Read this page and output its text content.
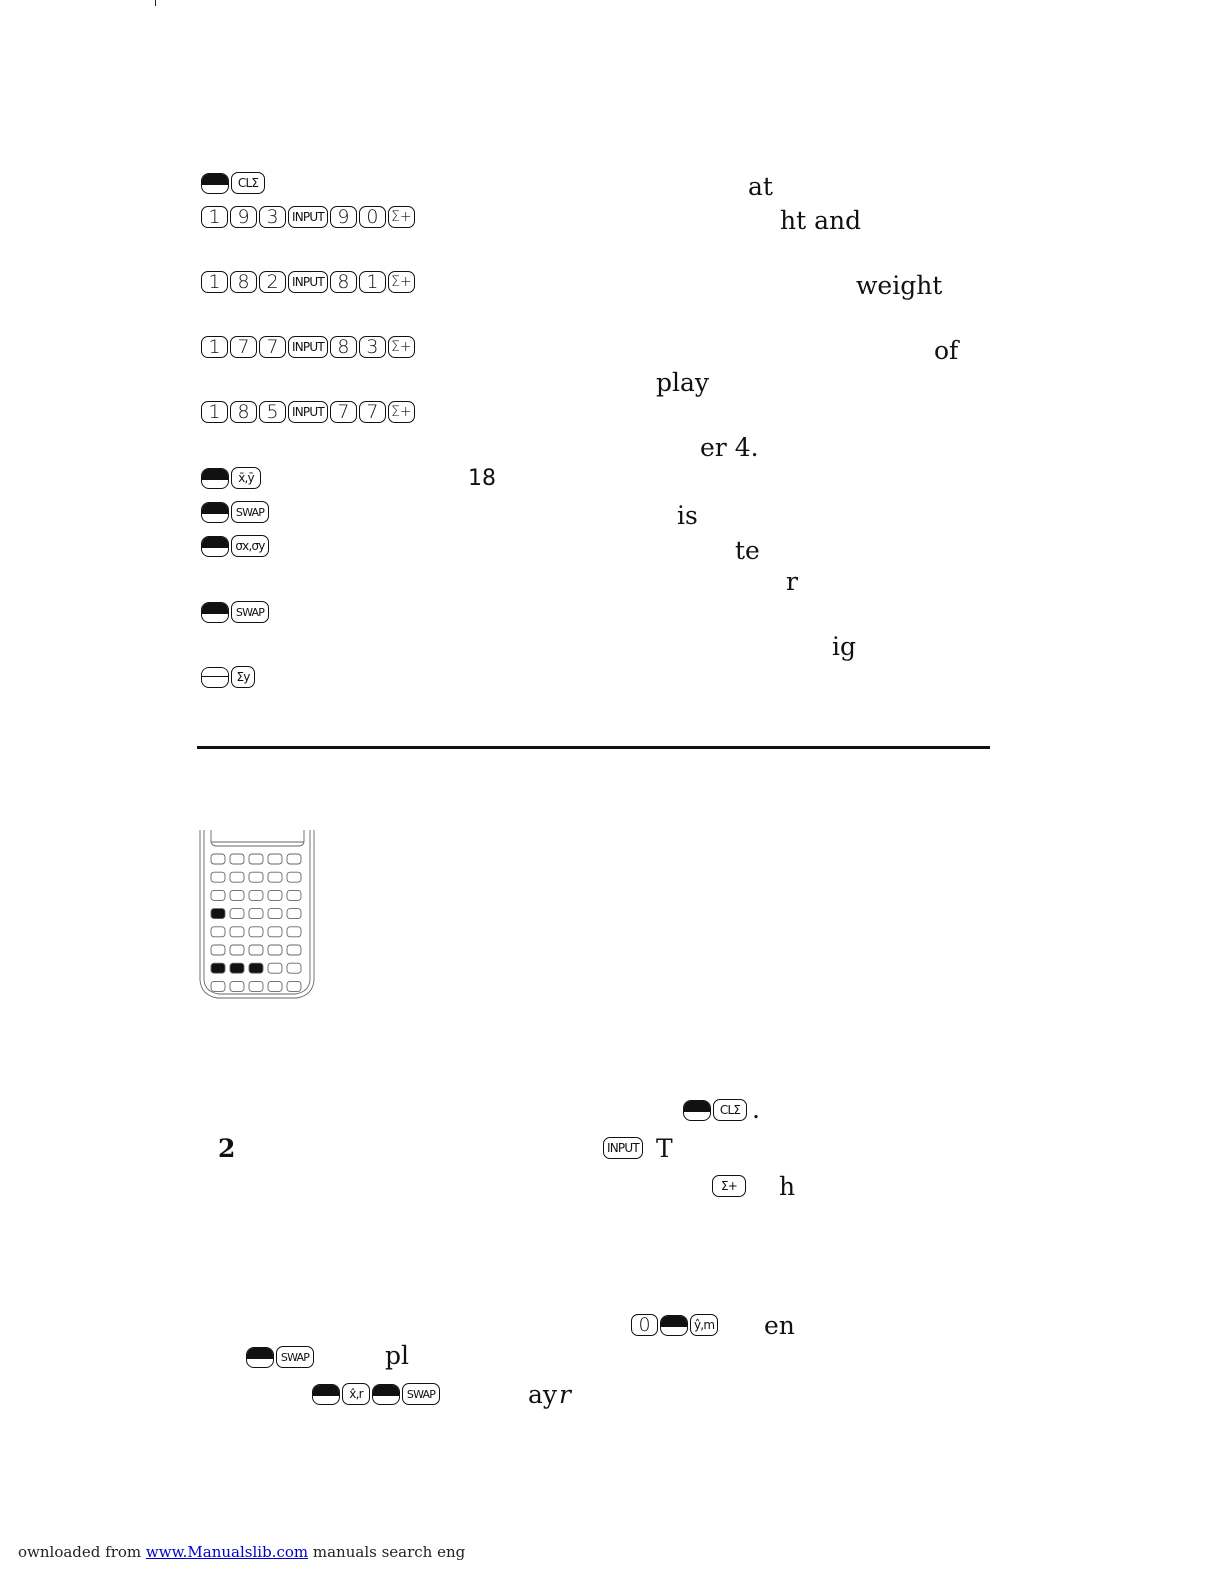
CLΣ	at
1 9 3	INPUT 9 0 Σ+	ht and
1 8 2	INPUT 8 1 Σ+	weight
1 7 7	INPUT 8 3 Σ+	of
play
1 8 5	INPUT 7 7 Σ+
er 4.
x̄,ȳ	18
SWAP	is
σx,σy	te
r
SWAP
ig
Σy
CLΣ .
2	INPUT T
Σ+	h
0	ŷ,m en
SWAP	pl
x̂,r	SWAP	ay r
ownloaded from www.Manualslib.com manuals search eng
